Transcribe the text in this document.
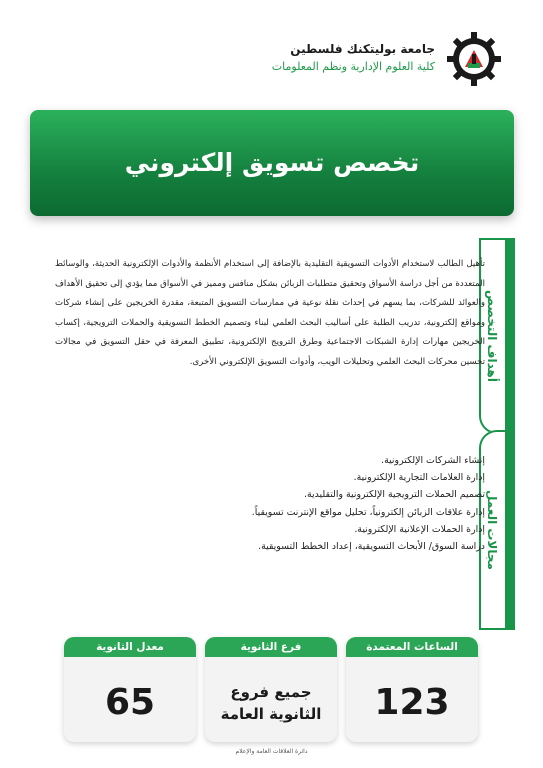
جامعة بوليتكنك فلسطين
كلية العلوم الإدارية ونظم المعلومات
تخصص تسويق إلكتروني
أهداف التخصص

تأهيل الطالب لاستخدام الأدوات التسويقية التقليدية بالإضافة إلى استخدام الأنظمة والأدوات الإلكترونية الحديثة، والوسائط المتعددة من أجل دراسة الأسواق وتحقيق متطلبات الزبائن بشكل منافس ومميز في الأسواق مما يؤدي إلى تحقيق الأهداف والعوائد للشركات، بما يسهم في إحداث نقلة نوعية في ممارسات التسويق المتبعة، مقدرة الخريجين على إنشاء شركات ومواقع إلكترونية، تدريب الطلبة على أساليب البحث العلمي لبناء وتصميم الخطط التسويقية والحملات الترويجية، إكساب الخريجين مهارات إدارة الشبكات الاجتماعية وطرق الترويج الإلكترونية، تطبيق المعرفة في حقل التسويق في مجالات تحسين محركات البحث العلمي وتحليلات الويب، وأدوات التسويق الإلكتروني الأخرى.

مجالات العمل
إنشاء الشركات الإلكترونية.
إدارة العلامات التجارية الإلكترونية.
تصميم الحملات الترويجية الإلكترونية والتقليدية.
إدارة علاقات الزبائن إلكترونياً، تحليل مواقع الإنترنت تسويقياً.
إدارة الحملات الإعلانية الإلكترونية.
دراسة السوق/ الأبحاث التسويقية، إعداد الخطط التسويقية.
الساعات المعتمدة
123
فرع الثانوية
جميع فروع
الثانوية العامة
معدل الثانوية
65
دائرة العلاقات العامة والإعلام
